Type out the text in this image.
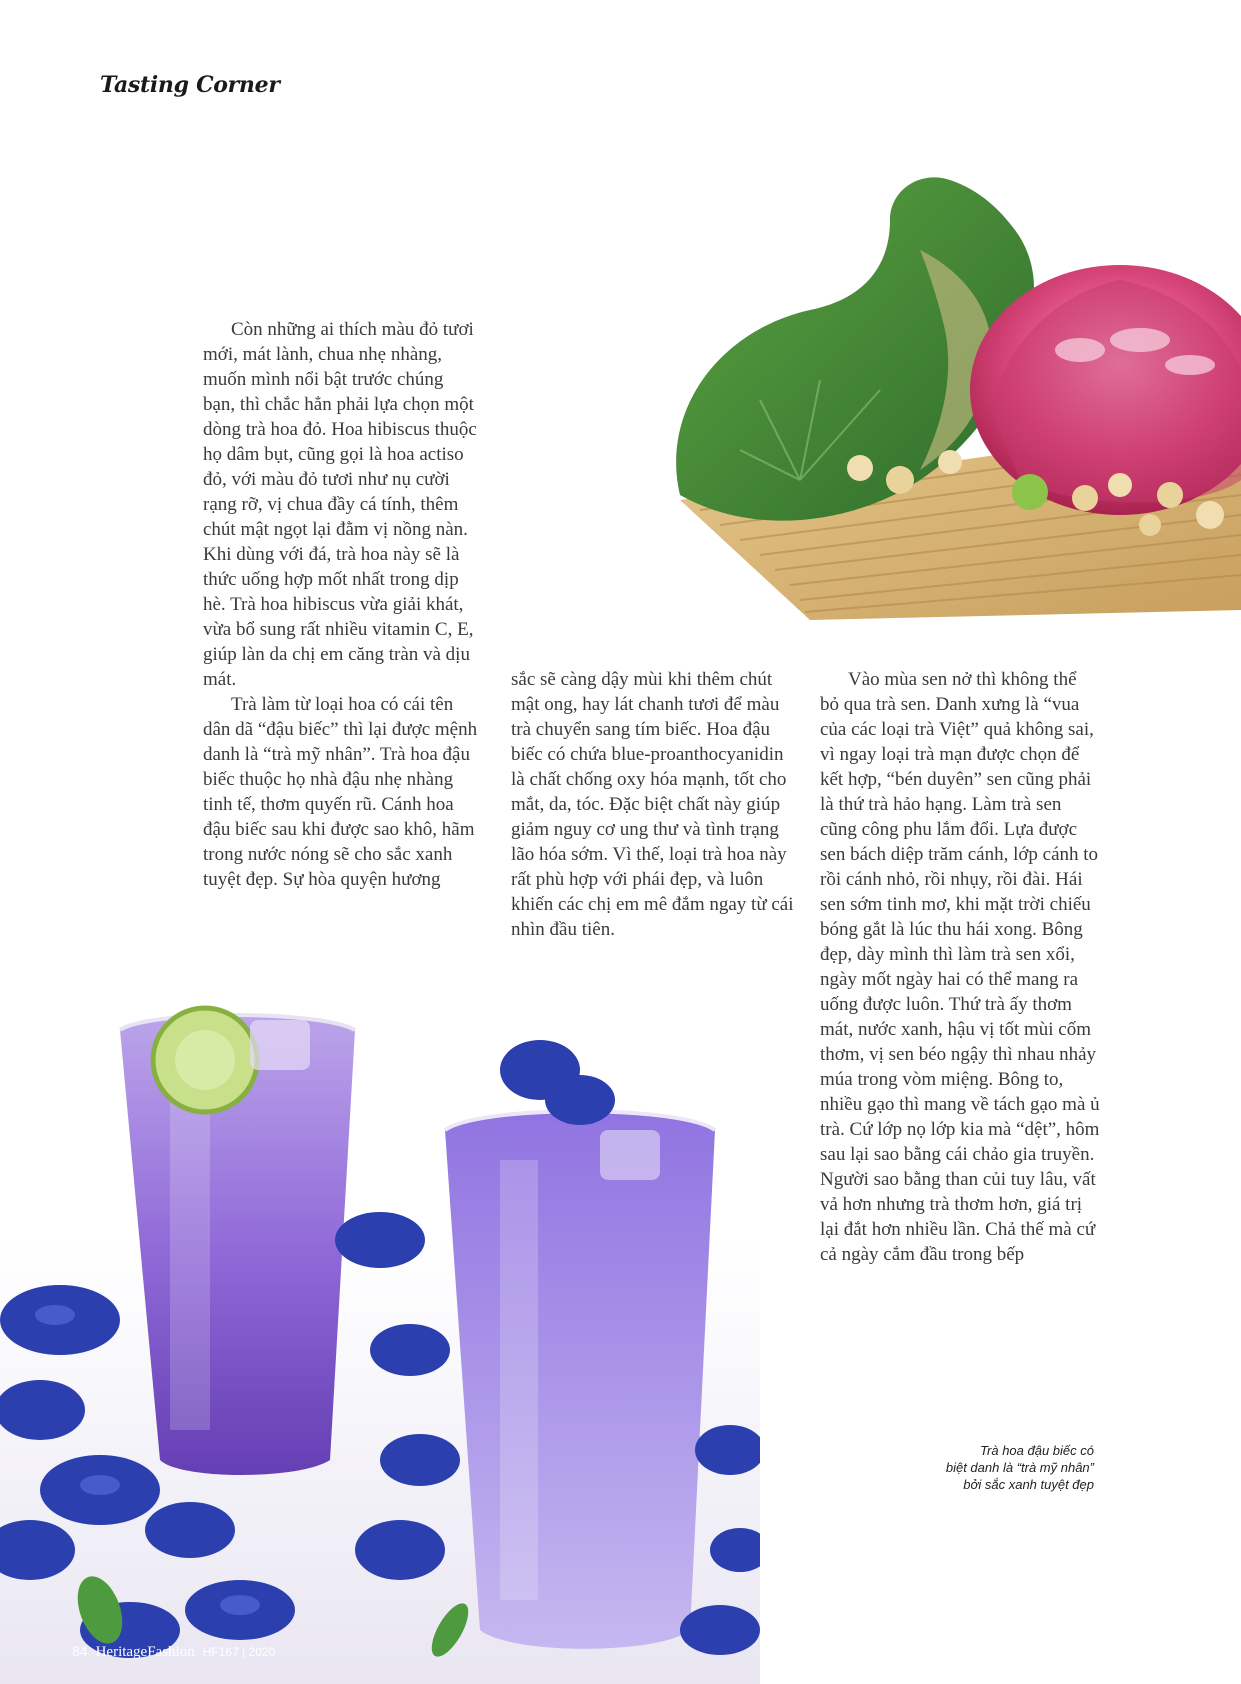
Tasting Corner

Còn những ai thích màu đỏ tươi mới, mát lành, chua nhẹ nhàng, muốn mình nổi bật trước chúng bạn, thì chắc hẳn phải lựa chọn một dòng trà hoa đỏ. Hoa hibiscus thuộc họ dâm bụt, cũng gọi là hoa actiso đỏ, với màu đỏ tươi như nụ cười rạng rỡ, vị chua đầy cá tính, thêm chút mật ngọt lại đằm vị nồng nàn. Khi dùng với đá, trà hoa này sẽ là thức uống hợp mốt nhất trong dịp hè. Trà hoa hibiscus vừa giải khát, vừa bổ sung rất nhiều vitamin C, E, giúp làn da chị em căng tràn và dịu mát.

Trà làm từ loại hoa có cái tên dân dã “đậu biếc” thì lại được mệnh danh là “trà mỹ nhân”. Trà hoa đậu biếc thuộc họ nhà đậu nhẹ nhàng tinh tế, thơm quyến rũ. Cánh hoa đậu biếc sau khi được sao khô, hãm trong nước nóng sẽ cho sắc xanh tuyệt đẹp. Sự hòa quyện hương

sắc sẽ càng dậy mùi khi thêm chút mật ong, hay lát chanh tươi để màu trà chuyển sang tím biếc. Hoa đậu biếc có chứa blue-proanthocyanidin là chất chống oxy hóa mạnh, tốt cho mắt, da, tóc. Đặc biệt chất này giúp giảm nguy cơ ung thư và tình trạng lão hóa sớm. Vì thế, loại trà hoa này rất phù hợp với phái đẹp, và luôn khiến các chị em mê đắm ngay từ cái nhìn đầu tiên.

Vào mùa sen nở thì không thể bỏ qua trà sen. Danh xưng là “vua của các loại trà Việt” quả không sai, vì ngay loại trà mạn được chọn để kết hợp, “bén duyên” sen cũng phải là thứ trà hảo hạng. Làm trà sen cũng công phu lắm đổi. Lựa được sen bách diệp trăm cánh, lớp cánh to rồi cánh nhỏ, rồi nhụy, rồi đài. Hái sen sớm tinh mơ, khi mặt trời chiếu bóng gắt là lúc thu hái xong. Bông đẹp, dày mình thì làm trà sen xổi, ngày mốt ngày hai có thể mang ra uống được luôn. Thứ trà ấy thơm mát, nước xanh, hậu vị tốt mùi cốm thơm, vị sen béo ngậy thì nhau nhảy múa trong vòm miệng. Bông to, nhiều gạo thì mang về tách gạo mà ủ trà. Cứ lớp nọ lớp kia mà “dệt”, hôm sau lại sao bằng cái chảo gia truyền. Người sao bằng than củi tuy lâu, vất vả hơn nhưng trà thơm hơn, giá trị lại đắt hơn nhiều lần. Chả thế mà cứ cả ngày cắm đầu trong bếp

Trà hoa đậu biếc có
biệt danh là “trà mỹ nhân”
bởi sắc xanh tuyệt đẹp
84 HeritageFashion HF167 | 2020
